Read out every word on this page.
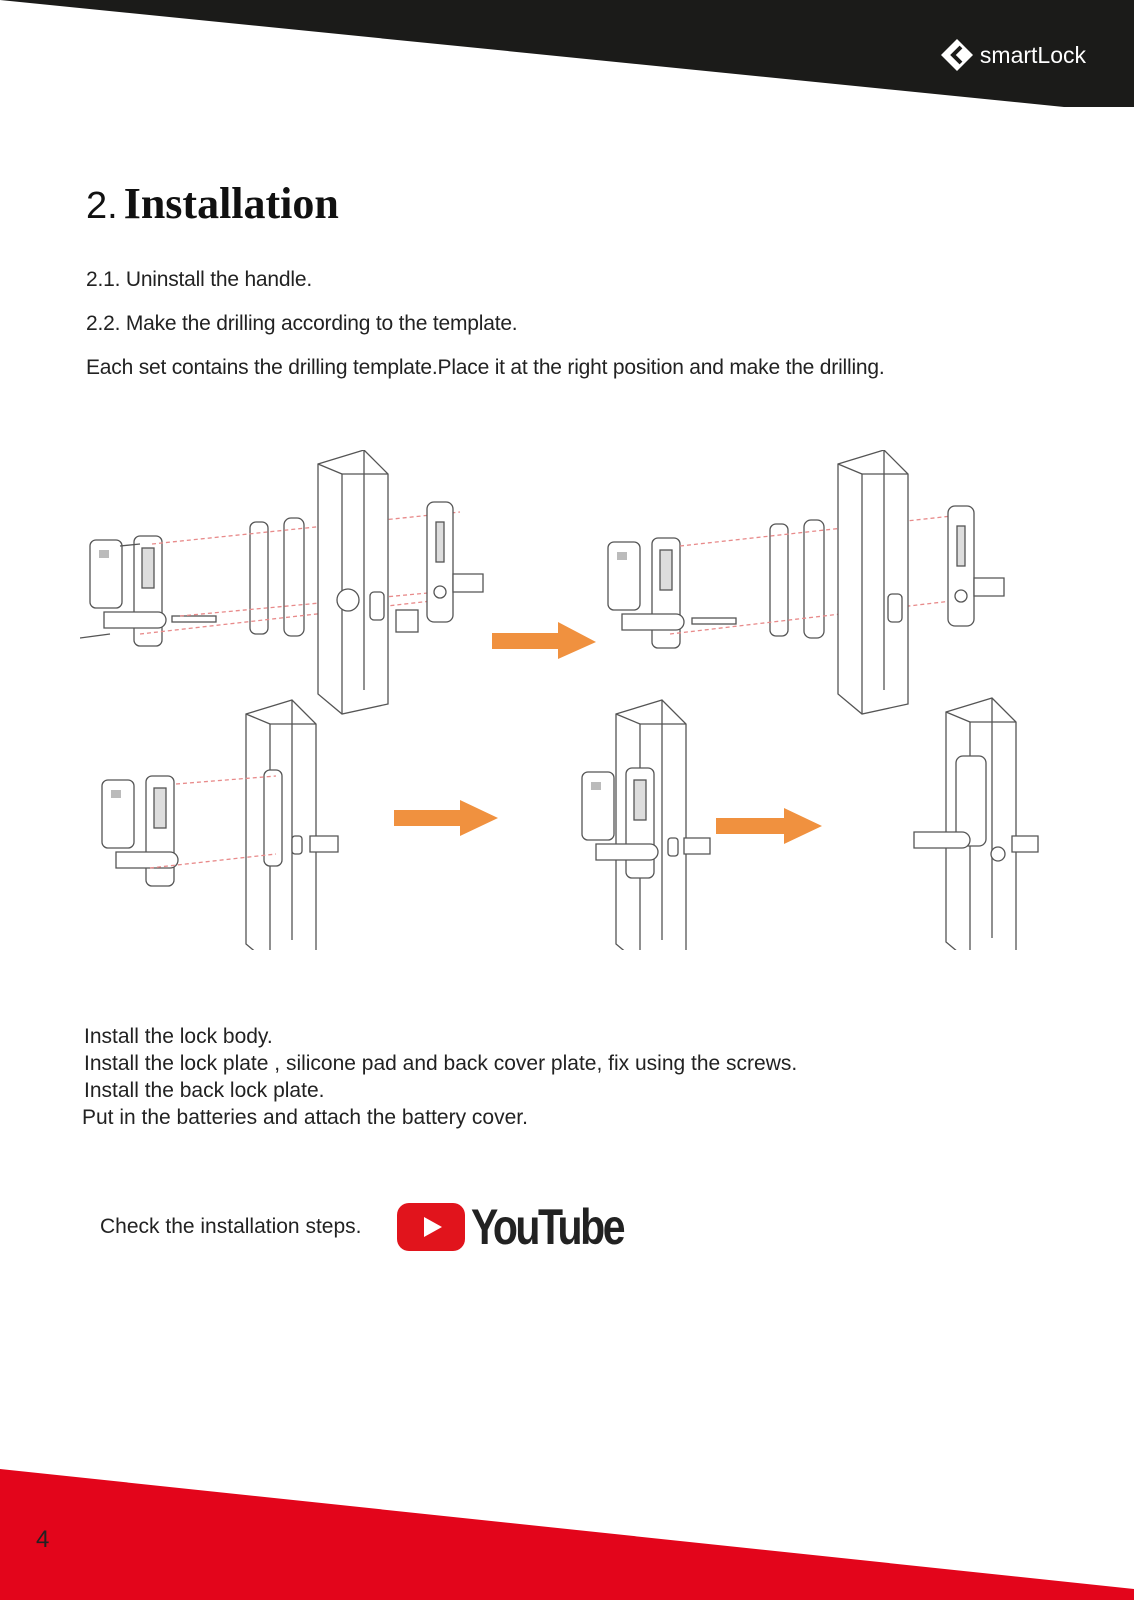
smartLock
2. Installation
2.1. Uninstall the handle.
2.2. Make the drilling according to the template.
Each set contains the drilling template.Place it at the right position and make the drilling.
Install the lock body.
Install the lock plate , silicone pad and back cover plate, fix using the screws.
Install the back lock plate.
Put in the batteries and attach the battery cover.
Check the installation steps. YouTube
4
